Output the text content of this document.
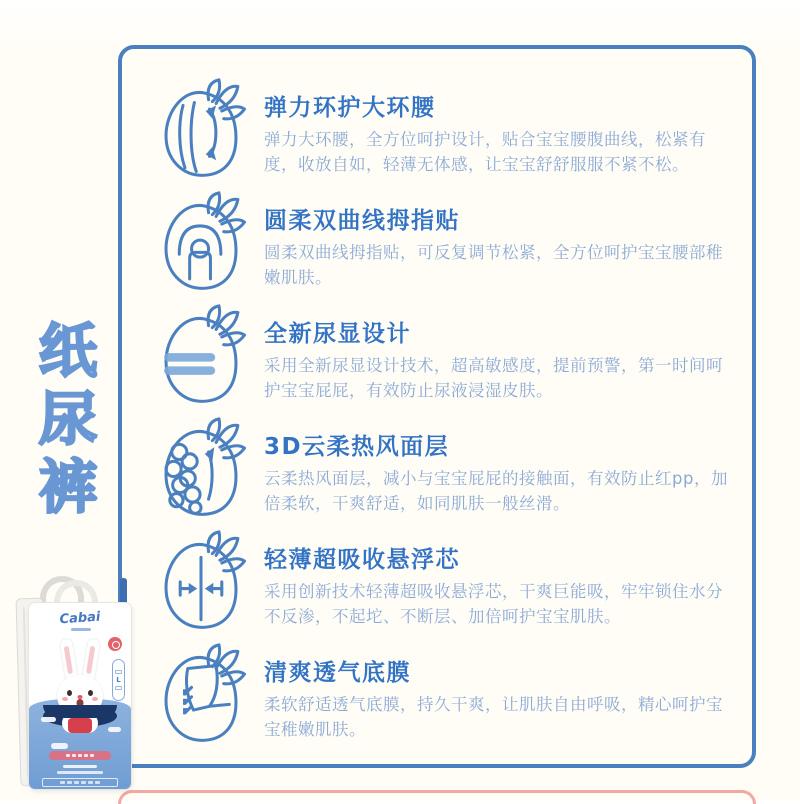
纸尿裤
弹力环护大环腰
弹力大环腰，全方位呵护设计，贴合宝宝腰腹曲线，松紧有度，收放自如，轻薄无体感，让宝宝舒舒服服不紧不松。
圆柔双曲线拇指贴
圆柔双曲线拇指贴，可反复调节松紧，全方位呵护宝宝腰部稚嫩肌肤。
全新尿显设计
采用全新尿显设计技术，超高敏感度，提前预警，第一时间呵护宝宝屁屁，有效防止尿液浸湿皮肤。
3D云柔热风面层
云柔热风面层，减小与宝宝屁屁的接触面，有效防止红pp，加倍柔软，干爽舒适，如同肌肤一般丝滑。
轻薄超吸收悬浮芯
采用创新技术轻薄超吸收悬浮芯，干爽巨能吸，牢牢锁住水分不反渗，不起坨、不断层、加倍呵护宝宝肌肤。
清爽透气底膜
柔软舒适透气底膜，持久干爽，让肌肤自由呼吸，精心呵护宝宝稚嫩肌肤。
Cabai
L
